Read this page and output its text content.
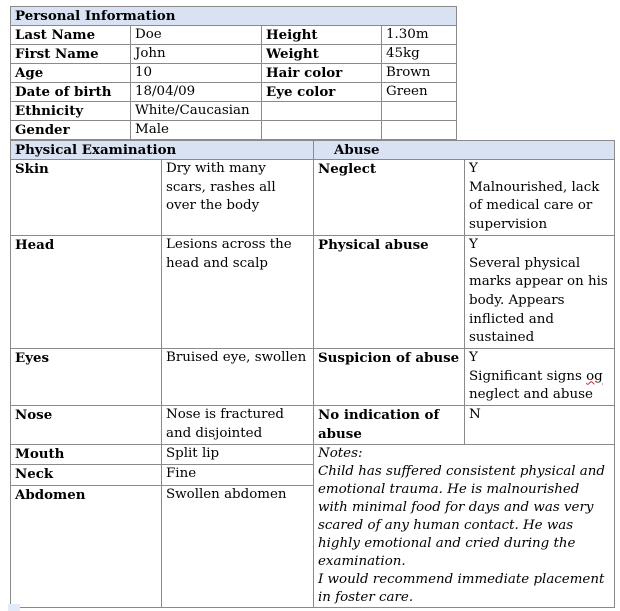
Personal Information			
Last Name	Doe	Height	1.30m
First Name	John	Weight	45kg
Age	10	Hair color	Brown
Date of birth	18/04/09	Eye color	Green
Ethnicity	White/Caucasian		
Gender	Male		
Physical Examination		Abuse	
Skin	Dry with many scars, rashes all over the body	Neglect	Y
Malnourished, lack of medical care or supervision

Head	Lesions across the head and scalp	Physical abuse	Y
Several physical marks appear on his body. Appears inflicted and sustained

Eyes	Bruised eye, swollen	Suspicion of abuse	Y
Significant signs og neglect and abuse

Nose	Nose is fractured and disjointed	No indication of abuse	N
Mouth	Split lip	Notes:
Child has suffered consistent physical and emotional trauma. He is malnourished with minimal food for days and was very scared of any human contact. He was highly emotional and cried during the examination.
I would recommend immediate placement in foster care.	

Neck	Fine		
Abdomen	Swollen abdomen		
